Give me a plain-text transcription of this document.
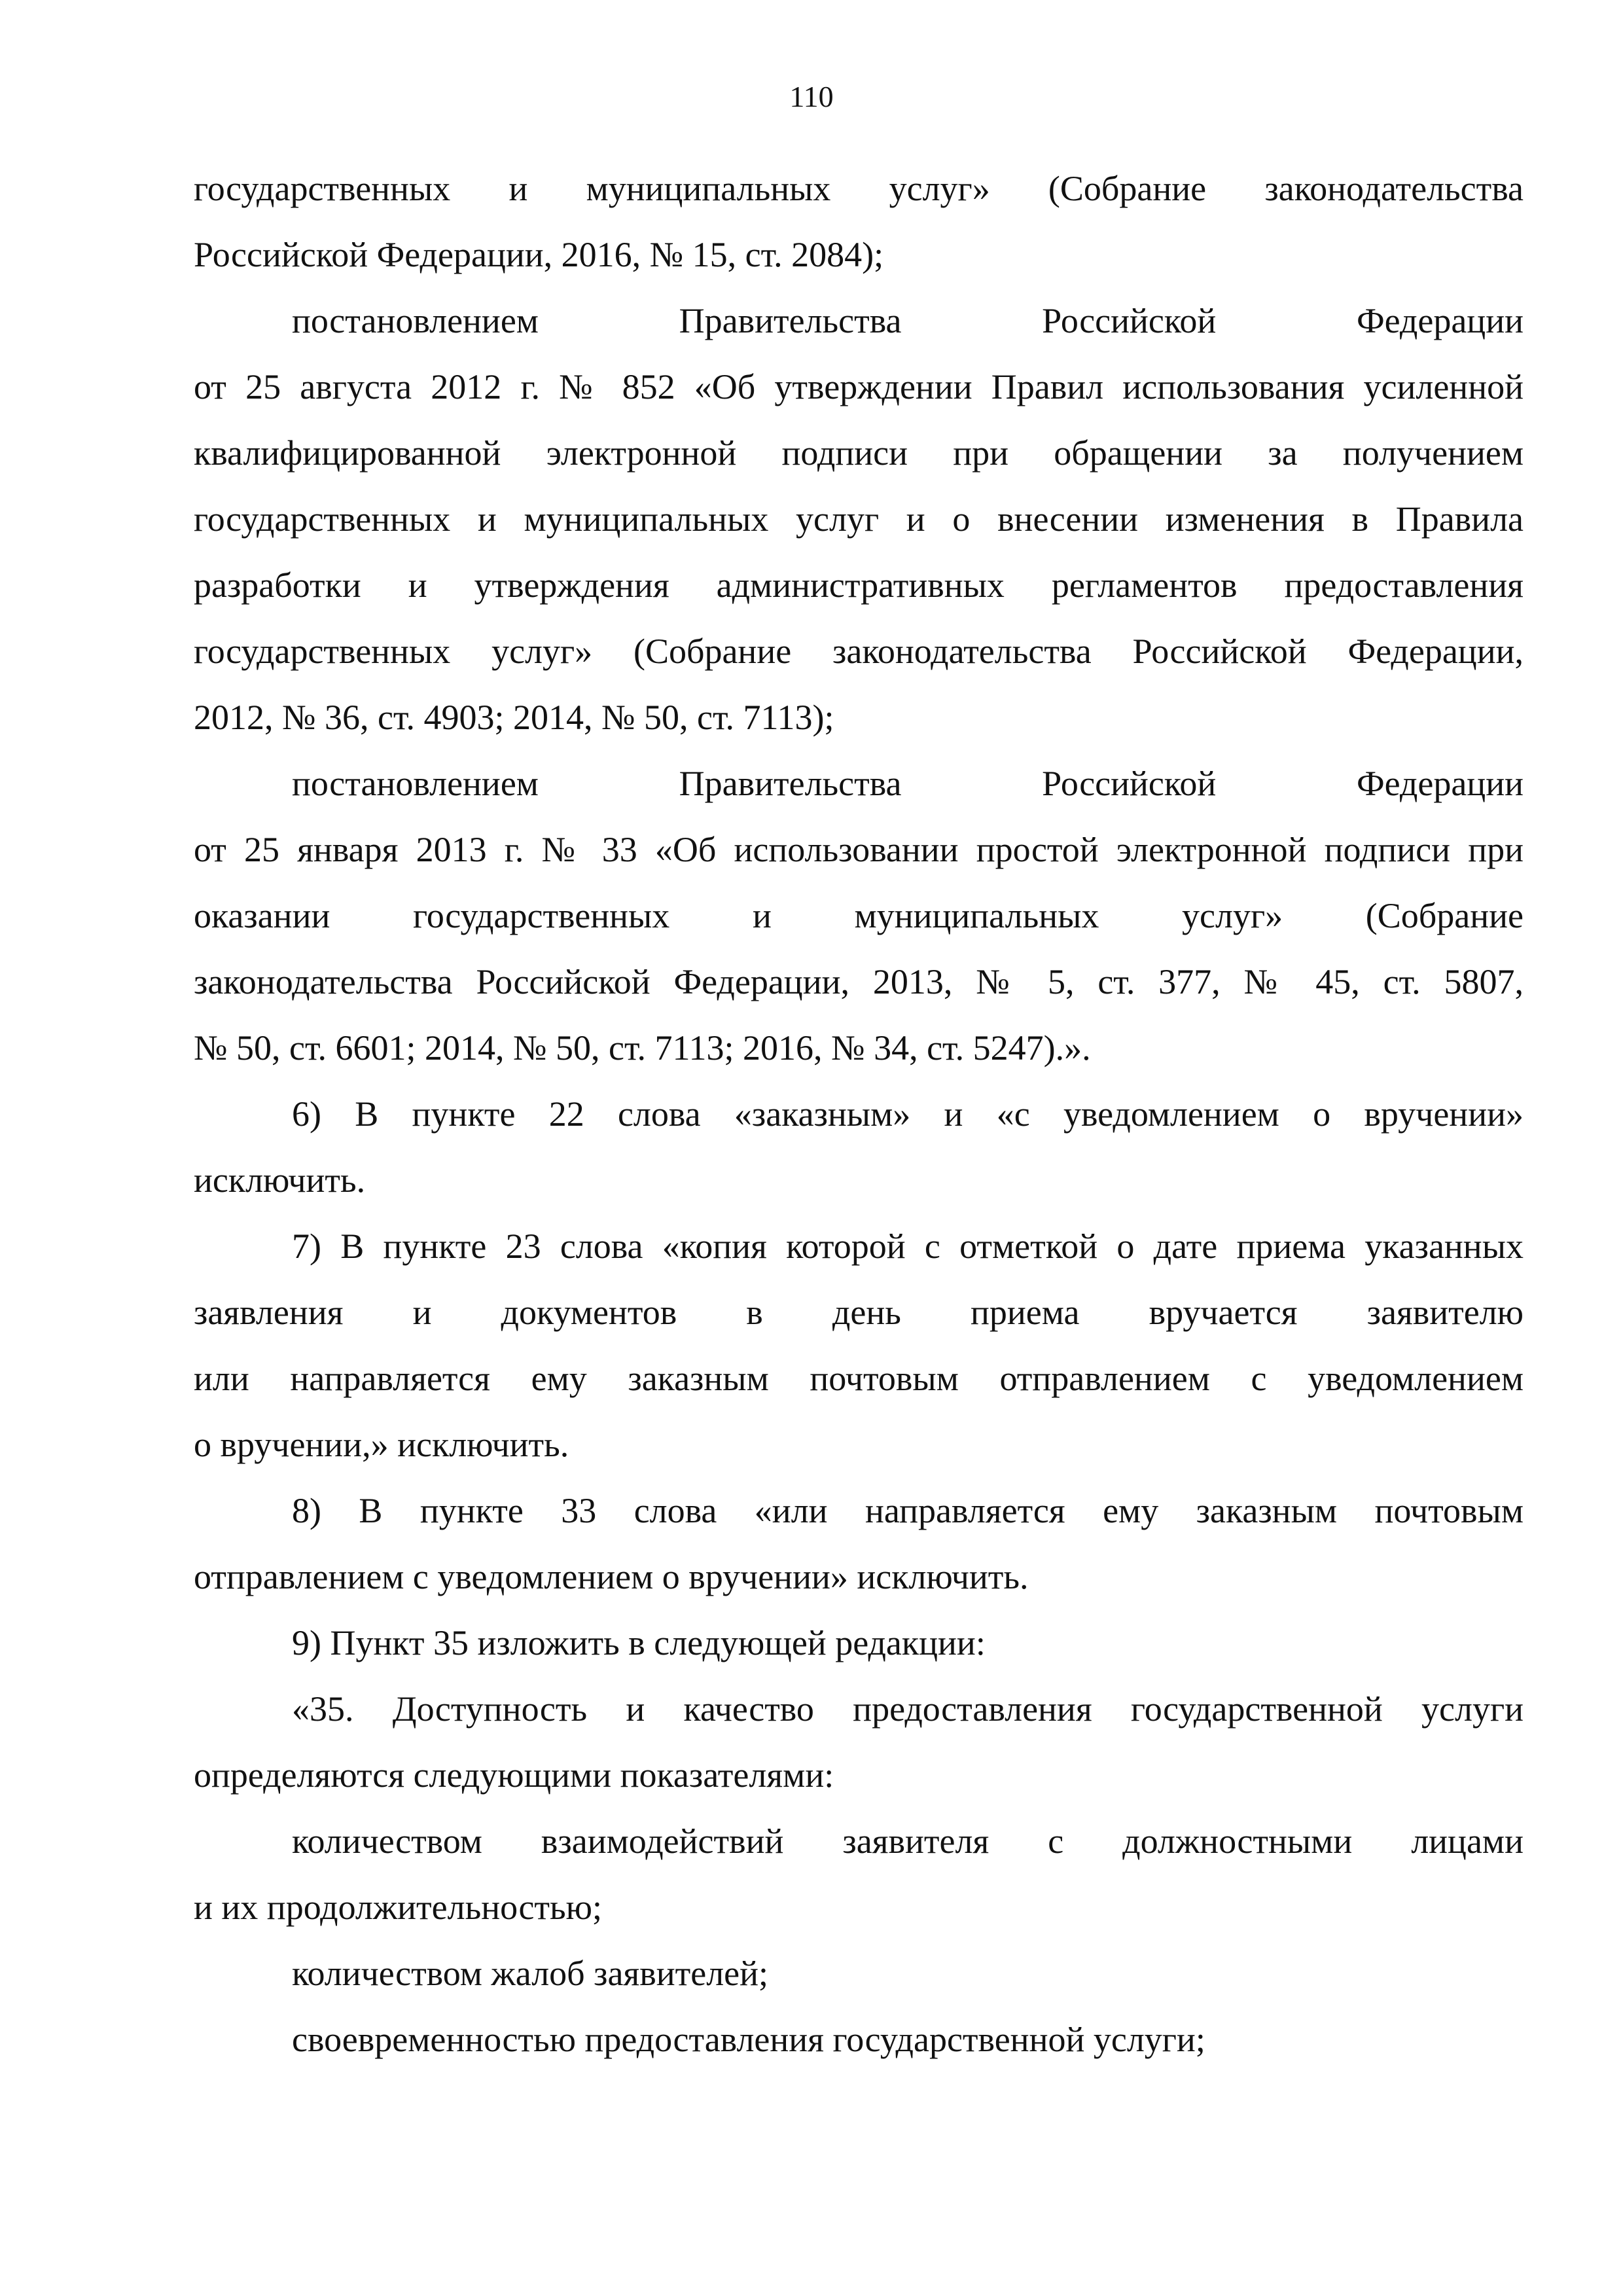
110
государственных и муниципальных услуг» (Собрание законодательства
Российской Федерации, 2016, № 15, ст. 2084);
постановлением Правительства Российской Федерации
от 25 августа 2012 г. № 852 «Об утверждении Правил использования усиленной
квалифицированной электронной подписи при обращении за получением
государственных и муниципальных услуг и о внесении изменения в Правила
разработки и утверждения административных регламентов предоставления
государственных услуг» (Собрание законодательства Российской Федерации,
2012, № 36, ст. 4903; 2014, № 50, ст. 7113);
постановлением Правительства Российской Федерации
от 25 января 2013 г. № 33 «Об использовании простой электронной подписи при
оказании государственных и муниципальных услуг» (Собрание
законодательства Российской Федерации, 2013, № 5, ст. 377, № 45, ст. 5807,
№ 50, ст. 6601; 2014, № 50, ст. 7113; 2016, № 34, ст. 5247).».
6) В пункте 22 слова «заказным» и «с уведомлением о вручении»
исключить.
7) В пункте 23 слова «копия которой с отметкой о дате приема указанных
заявления и документов в день приема вручается заявителю
или направляется ему заказным почтовым отправлением с уведомлением
о вручении,» исключить.
8) В пункте 33 слова «или направляется ему заказным почтовым
отправлением с уведомлением о вручении» исключить.
9) Пункт 35 изложить в следующей редакции:
«35. Доступность и качество предоставления государственной услуги
определяются следующими показателями:
количеством взаимодействий заявителя с должностными лицами
и их продолжительностью;
количеством жалоб заявителей;
своевременностью предоставления государственной услуги;
